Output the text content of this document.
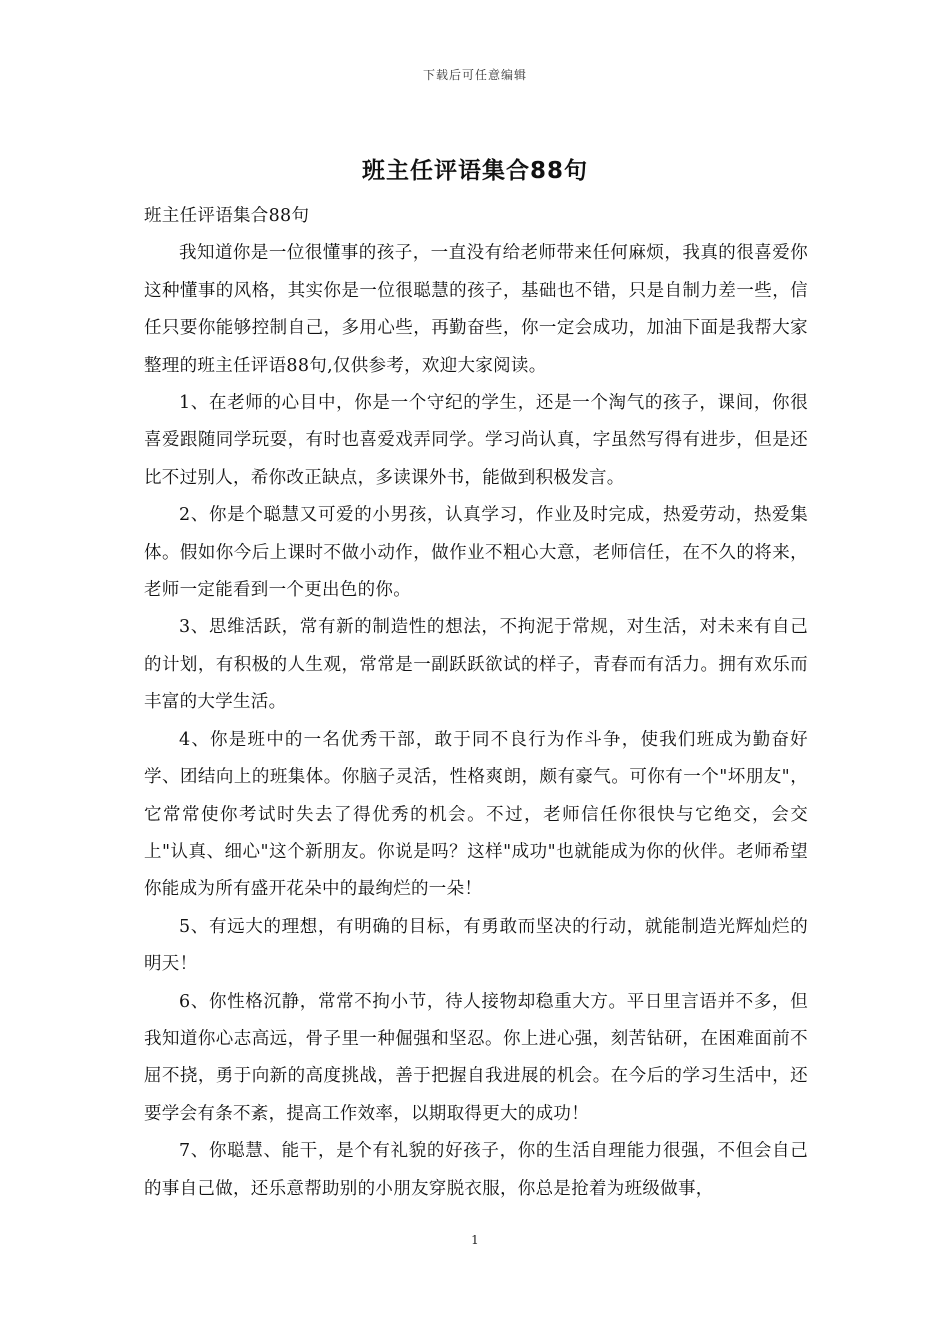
下载后可任意编辑
班主任评语集合88句

班主任评语集合88句

我知道你是一位很懂事的孩子，一直没有给老师带来任何麻烦，我真的很喜爱你这种懂事的风格，其实你是一位很聪慧的孩子，基础也不错，只是自制力差一些，信任只要你能够控制自己，多用心些，再勤奋些，你一定会成功，加油下面是我帮大家整理的班主任评语88句,仅供参考，欢迎大家阅读。

1、在老师的心目中，你是一个守纪的学生，还是一个淘气的孩子，课间，你很喜爱跟随同学玩耍，有时也喜爱戏弄同学。学习尚认真，字虽然写得有进步，但是还比不过别人，希你改正缺点，多读课外书，能做到积极发言。

2、你是个聪慧又可爱的小男孩，认真学习，作业及时完成，热爱劳动，热爱集体。假如你今后上课时不做小动作，做作业不粗心大意，老师信任，在不久的将来，老师一定能看到一个更出色的你。

3、思维活跃，常有新的制造性的想法，不拘泥于常规，对生活，对未来有自己的计划，有积极的人生观，常常是一副跃跃欲试的样子，青春而有活力。拥有欢乐而丰富的大学生活。

4、你是班中的一名优秀干部，敢于同不良行为作斗争，使我们班成为勤奋好学、团结向上的班集体。你脑子灵活，性格爽朗，颇有豪气。可你有一个"坏朋友"，它常常使你考试时失去了得优秀的机会。不过，老师信任你很快与它绝交，会交上"认真、细心"这个新朋友。你说是吗？这样"成功"也就能成为你的伙伴。老师希望你能成为所有盛开花朵中的最绚烂的一朵！

5、有远大的理想，有明确的目标，有勇敢而坚决的行动，就能制造光辉灿烂的明天！

6、你性格沉静，常常不拘小节，待人接物却稳重大方。平日里言语并不多，但我知道你心志高远，骨子里一种倔强和坚忍。你上进心强，刻苦钻研，在困难面前不屈不挠，勇于向新的高度挑战，善于把握自我进展的机会。在今后的学习生活中，还要学会有条不紊，提高工作效率，以期取得更大的成功！

7、你聪慧、能干，是个有礼貌的好孩子，你的生活自理能力很强，不但会自己的事自己做，还乐意帮助别的小朋友穿脱衣服，你总是抢着为班级做事，

1
